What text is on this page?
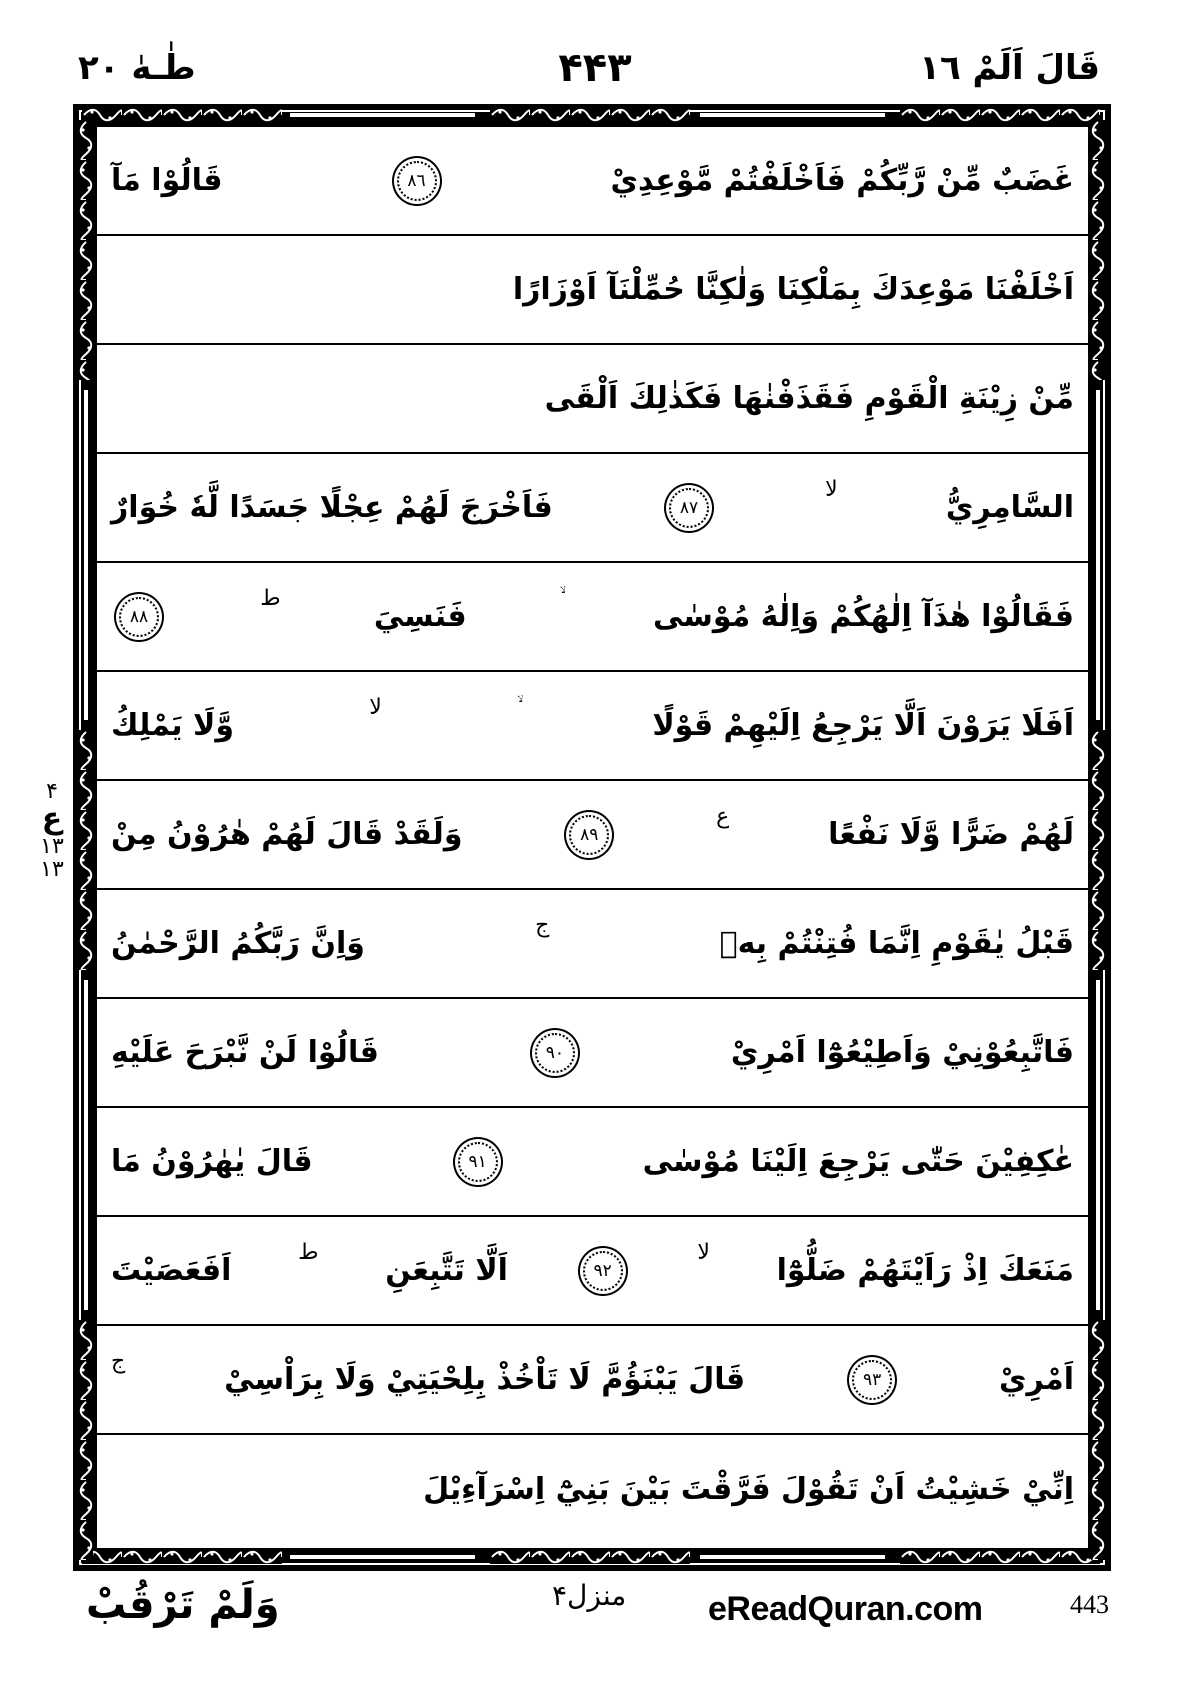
قَالَ اَلَمْ ١٦
۴۴۳
طٰـهٰ ٢٠
غَضَبٌ مِّنْ رَّبِّكُمْ فَاَخْلَفْتُمْ مَّوْعِدِيْ
٨٦
قَالُوْا مَآ
اَخْلَفْنَا مَوْعِدَكَ بِمَلْكِنَا وَلٰكِنَّا حُمِّلْنَآ اَوْزَارًا
مِّنْ زِيْنَةِ الْقَوْمِ فَقَذَفْنٰهَا فَكَذٰلِكَ اَلْقَى
السَّامِرِيُّ
لا
٨٧
فَاَخْرَجَ لَهُمْ عِجْلًا جَسَدًا لَّهٗ خُوَارٌ
فَقَالُوْا هٰذَآ اِلٰهُكُمْ وَاِلٰهُ مُوْسٰى
فَنَسِيَ
ط
٨٨
اَفَلَا يَرَوْنَ اَلَّا يَرْجِعُ اِلَيْهِمْ قَوْلًا
لا
وَّلَا يَمْلِكُ
لَهُمْ ضَرًّا وَّلَا نَفْعًا
ع
٨٩
وَلَقَدْ قَالَ لَهُمْ هٰرُوْنُ مِنْ
قَبْلُ يٰقَوْمِ اِنَّمَا فُتِنْتُمْ بِهٖ
ج
وَاِنَّ رَبَّكُمُ الرَّحْمٰنُ
فَاتَّبِعُوْنِيْ وَاَطِيْعُوْٓا اَمْرِيْ
٩٠
قَالُوْا لَنْ نَّبْرَحَ عَلَيْهِ
عٰكِفِيْنَ حَتّٰى يَرْجِعَ اِلَيْنَا مُوْسٰى
٩١
قَالَ يٰهٰرُوْنُ مَا
مَنَعَكَ اِذْ رَاَيْتَهُمْ ضَلُّوْٓا
لا
٩٢
اَلَّا تَتَّبِعَنِ
ط
اَفَعَصَيْتَ
اَمْرِيْ
٩٣
قَالَ يَبْنَؤُمَّ لَا تَاْخُذْ بِلِحْيَتِيْ وَلَا بِرَاْسِيْ
ج
اِنِّيْ خَشِيْتُ اَنْ تَقُوْلَ فَرَّقْتَ بَيْنَ بَنِيْٓ اِسْرَآءِيْلَ
۴
ع
١٣
١٣
وَلَمْ تَرْقُبْ	منزل۴ eReadQuran.com	443
